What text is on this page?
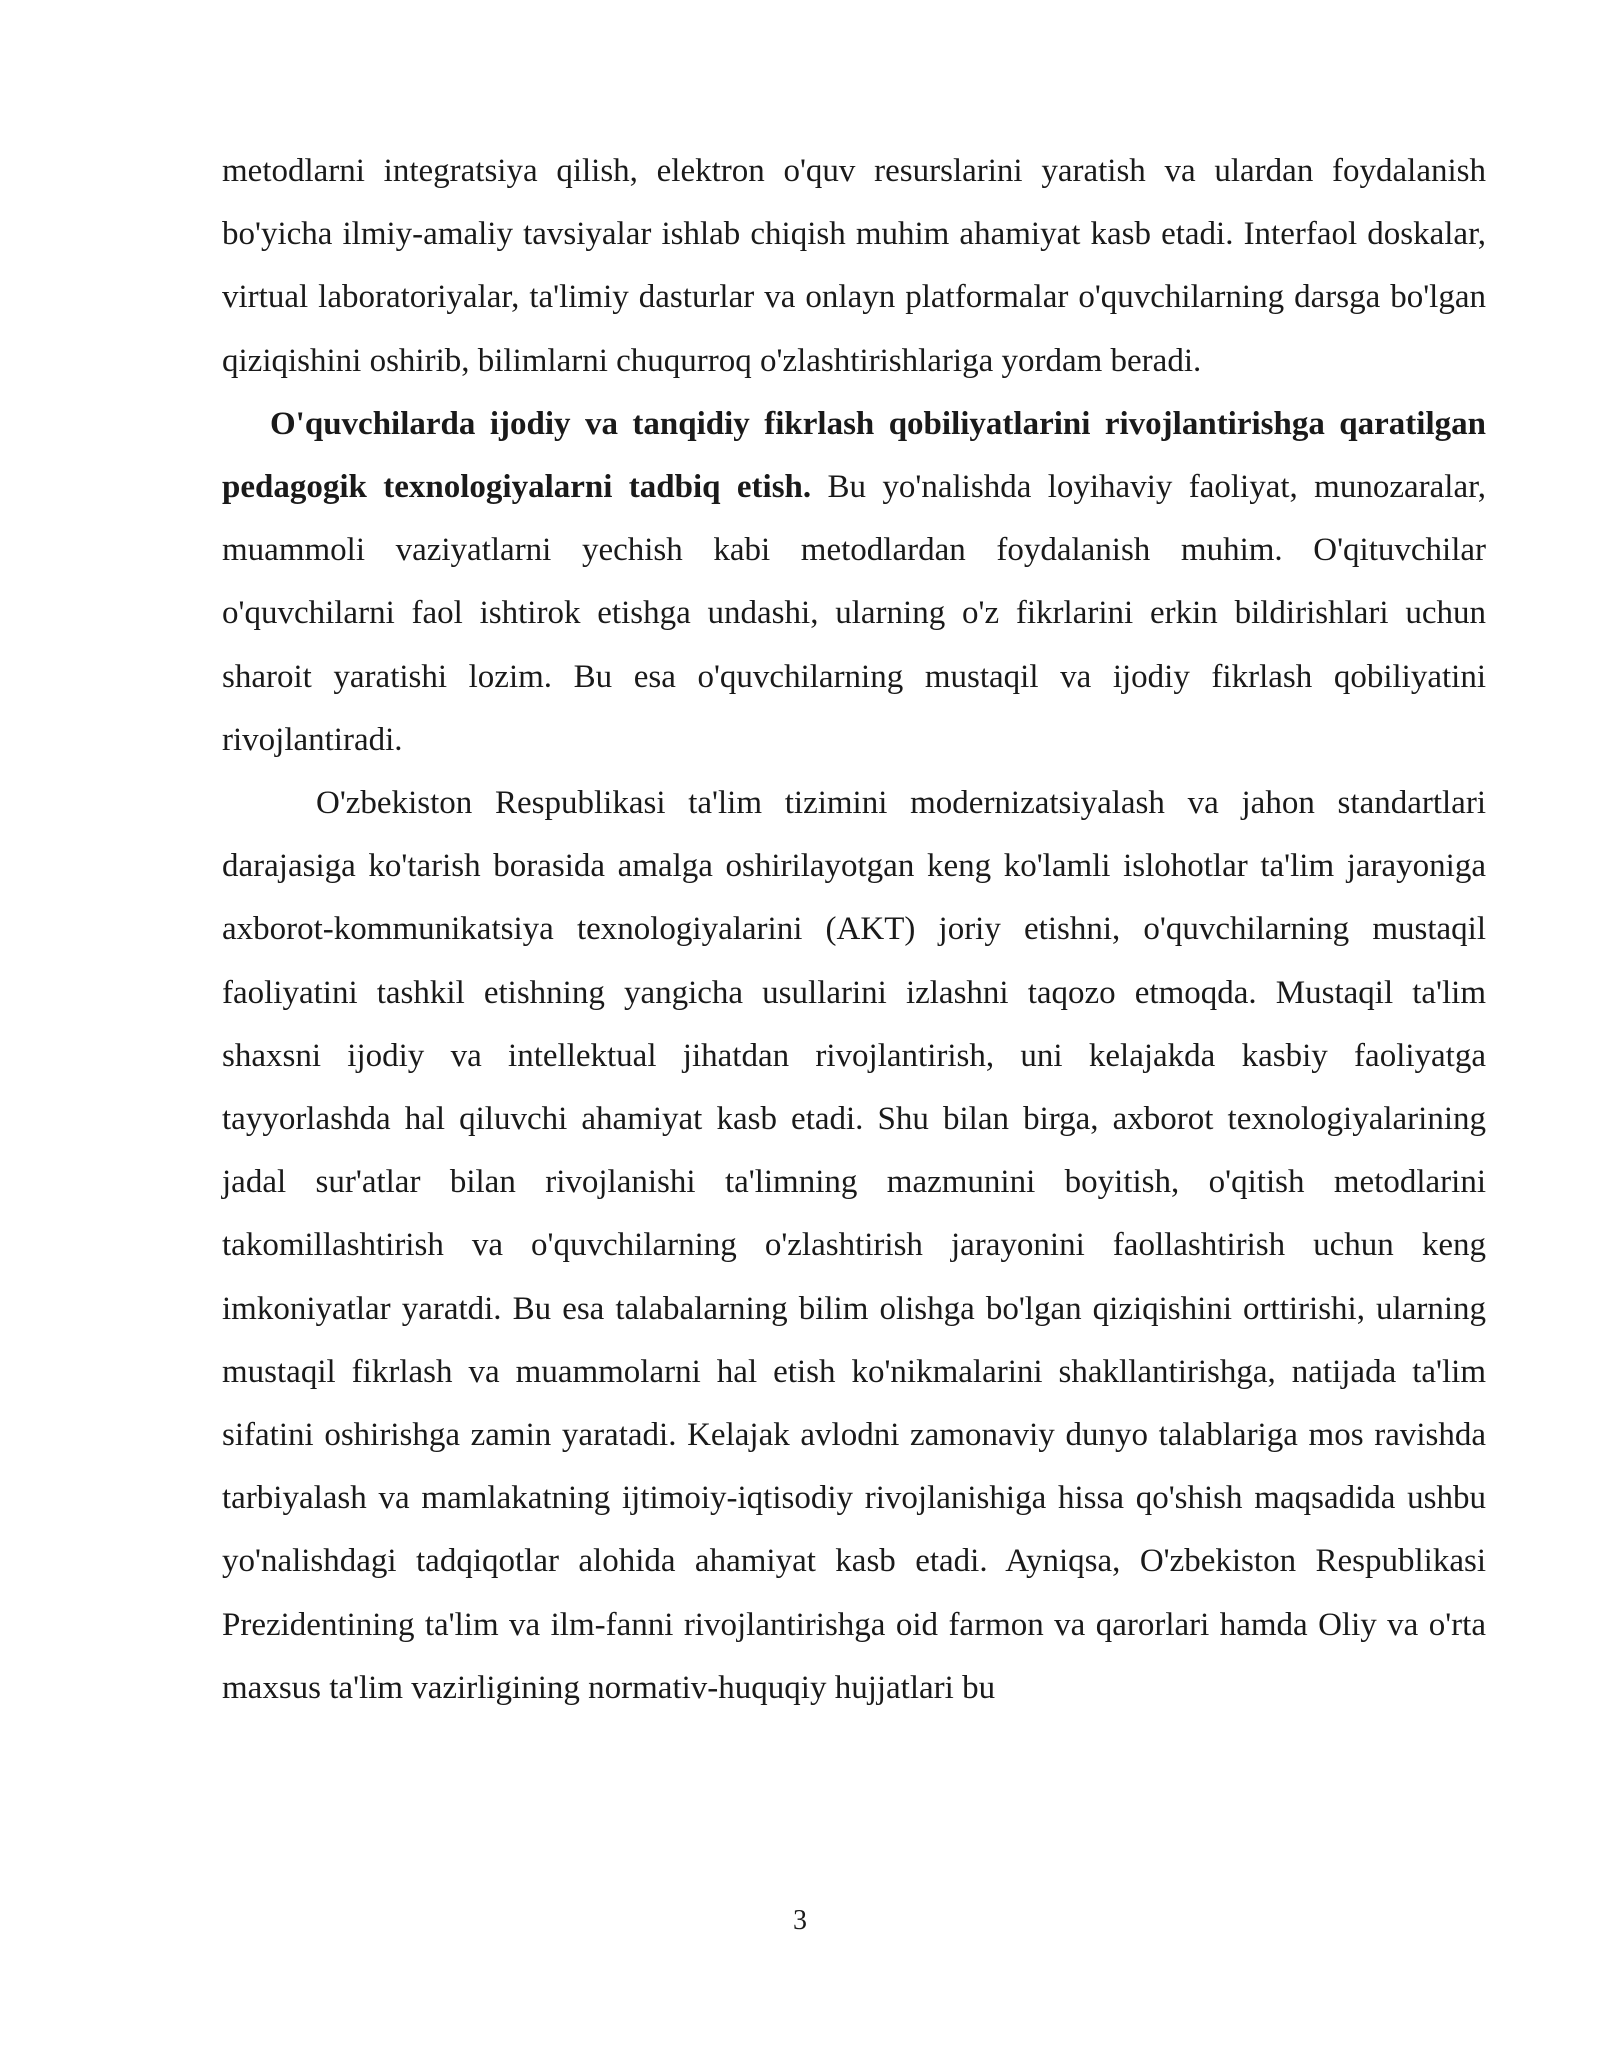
metodlarni integratsiya qilish, elektron o'quv resurslarini yaratish va ulardan foydalanish bo'yicha ilmiy-amaliy tavsiyalar ishlab chiqish muhim ahamiyat kasb etadi. Interfaol doskalar, virtual laboratoriyalar, ta'limiy dasturlar va onlayn platformalar o'quvchilarning darsga bo'lgan qiziqishini oshirib, bilimlarni chuqurroq o'zlashtirishlariga yordam beradi.

O'quvchilarda ijodiy va tanqidiy fikrlash qobiliyatlarini rivojlantirishga qaratilgan pedagogik texnologiyalarni tadbiq etish. Bu yo'nalishda loyihaviy faoliyat, munozaralar, muammoli vaziyatlarni yechish kabi metodlardan foydalanish muhim. O'qituvchilar o'quvchilarni faol ishtirok etishga undashi, ularning o'z fikrlarini erkin bildirishlari uchun sharoit yaratishi lozim. Bu esa o'quvchilarning mustaqil va ijodiy fikrlash qobiliyatini rivojlantiradi.

O'zbekiston Respublikasi ta'lim tizimini modernizatsiyalash va jahon standartlari darajasiga ko'tarish borasida amalga oshirilayotgan keng ko'lamli islohotlar ta'lim jarayoniga axborot-kommunikatsiya texnologiyalarini (AKT) joriy etishni, o'quvchilarning mustaqil faoliyatini tashkil etishning yangicha usullarini izlashni taqozo etmoqda. Mustaqil ta'lim shaxsni ijodiy va intellektual jihatdan rivojlantirish, uni kelajakda kasbiy faoliyatga tayyorlashda hal qiluvchi ahamiyat kasb etadi. Shu bilan birga, axborot texnologiyalarining jadal sur'atlar bilan rivojlanishi ta'limning mazmunini boyitish, o'qitish metodlarini takomillashtirish va o'quvchilarning o'zlashtirish jarayonini faollashtirish uchun keng imkoniyatlar yaratdi. Bu esa talabalarning bilim olishga bo'lgan qiziqishini orttirishi, ularning mustaqil fikrlash va muammolarni hal etish ko'nikmalarini shakllantirishga, natijada ta'lim sifatini oshirishga zamin yaratadi. Kelajak avlodni zamonaviy dunyo talablariga mos ravishda tarbiyalash va mamlakatning ijtimoiy-iqtisodiy rivojlanishiga hissa qo'shish maqsadida ushbu yo'nalishdagi tadqiqotlar alohida ahamiyat kasb etadi. Ayniqsa, O'zbekiston Respublikasi Prezidentining ta'lim va ilm-fanni rivojlantirishga oid farmon va qarorlari hamda Oliy va o'rta maxsus ta'lim vazirligining normativ-huquqiy hujjatlari bu

3
